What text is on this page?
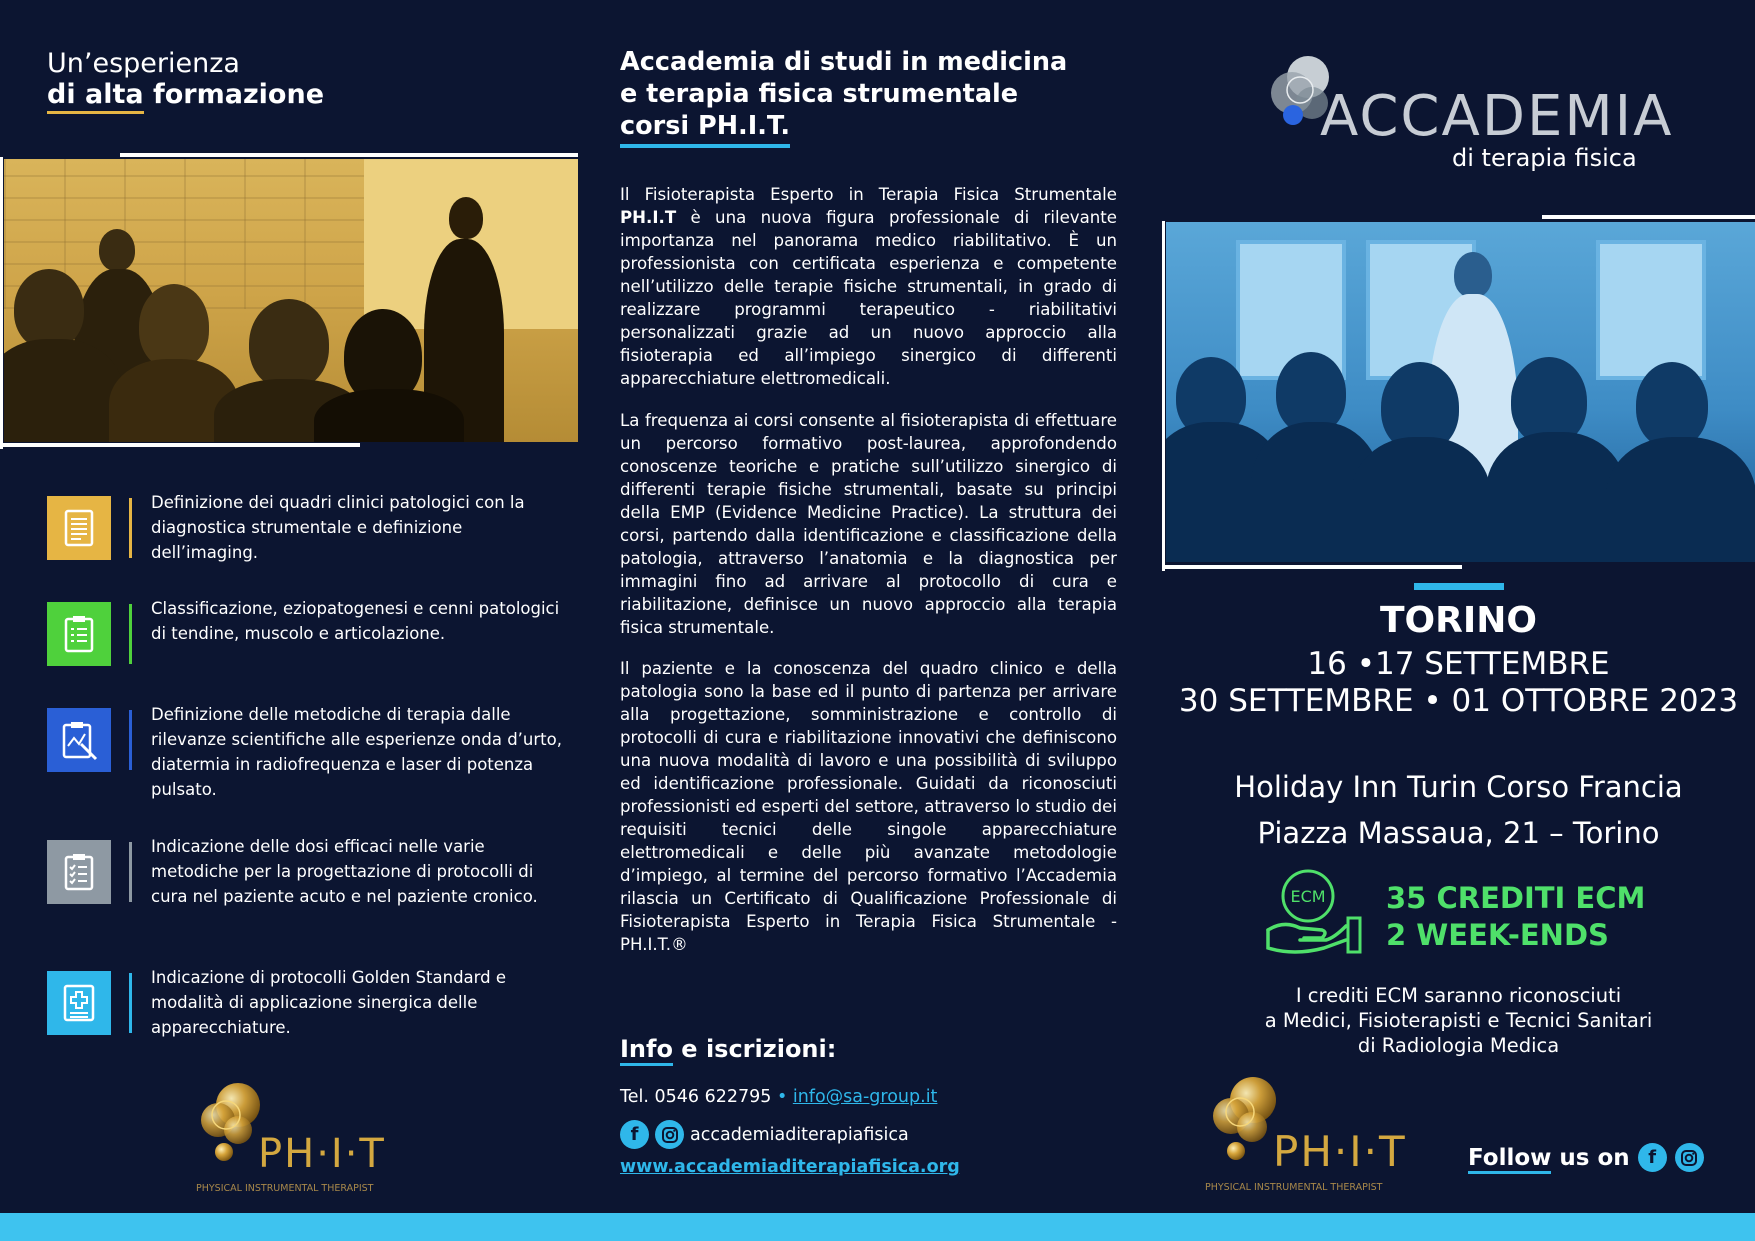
Un’esperienza
di alta formazione
Definizione dei quadri clinici patologici con la diagnostica strumentale e definizione dell’imaging.
Classificazione, eziopatogenesi e cenni patologici di tendine, muscolo e articolazione.
Definizione delle metodiche di terapia dalle rilevanze scientifiche alle esperienze onda d’urto, diatermia in radiofrequenza e laser di potenza pulsato.
Indicazione delle dosi efficaci nelle varie metodiche per la progettazione di protocolli di cura nel paziente acuto e nel paziente cronico.
Indicazione di protocolli Golden Standard e modalità di applicazione sinergica delle apparecchiature.
PH·I·T
PHYSICAL INSTRUMENTAL THERAPIST
Accademia di studi in medicina
e terapia fisica strumentale
corsi PH.I.T.
Il Fisioterapista Esperto in Terapia Fisica Strumentale PH.I.T è una nuova figura professionale di rilevante importanza nel panorama medico riabilitativo. È un professionista con certificata esperienza e competente nell’utilizzo delle terapie fisiche strumentali, in grado di realizzare programmi terapeutico - riabilitativi personalizzati grazie ad un nuovo approccio alla fisioterapia ed all’impiego sinergico di differenti apparecchiature elettromedicali.
La frequenza ai corsi consente al fisioterapista di effettuare un percorso formativo post-laurea, approfondendo conoscenze teoriche e pratiche sull’utilizzo sinergico di differenti terapie fisiche strumentali, basate su principi della EMP (Evidence Medicine Practice). La struttura dei corsi, partendo dalla identificazione e classificazione della patologia, attraverso l’anatomia e la diagnostica per immagini fino ad arrivare al protocollo di cura e riabilitazione, definisce un nuovo approccio alla terapia fisica strumentale.
Il paziente e la conoscenza del quadro clinico e della patologia sono la base ed il punto di partenza per arrivare alla progettazione, somministrazione e controllo di protocolli di cura e riabilitazione innovativi che definiscono una nuova modalità di lavoro e una possibilità di sviluppo ed identificazione professionale. Guidati da riconosciuti professionisti ed esperti del settore, attraverso lo studio dei requisiti tecnici delle singole apparecchiature elettromedicali e delle più avanzate metodologie d’impiego, al termine del percorso formativo l’Accademia rilascia un Certificato di Qualificazione Professionale di Fisioterapista Esperto in Terapia Fisica Strumentale - PH.I.T.®
Info e iscrizioni:
Tel. 0546 622795 • info@sa-group.it
f	accademiaditerapiafisica
www.accademiaditerapiafisica.org
ACCADEMIA
di terapia fisica
TORINO
16 •17 SETTEMBRE
30 SETTEMBRE • 01 OTTOBRE 2023
Holiday Inn Turin Corso Francia
Piazza Massaua, 21 – Torino
ECM 35 CREDITI ECM
2 WEEK-ENDS
I crediti ECM saranno riconosciuti
a Medici, Fisioterapisti e Tecnici Sanitari
di Radiologia Medica
PH·I·T
PHYSICAL INSTRUMENTAL THERAPIST
Follow us on	f
